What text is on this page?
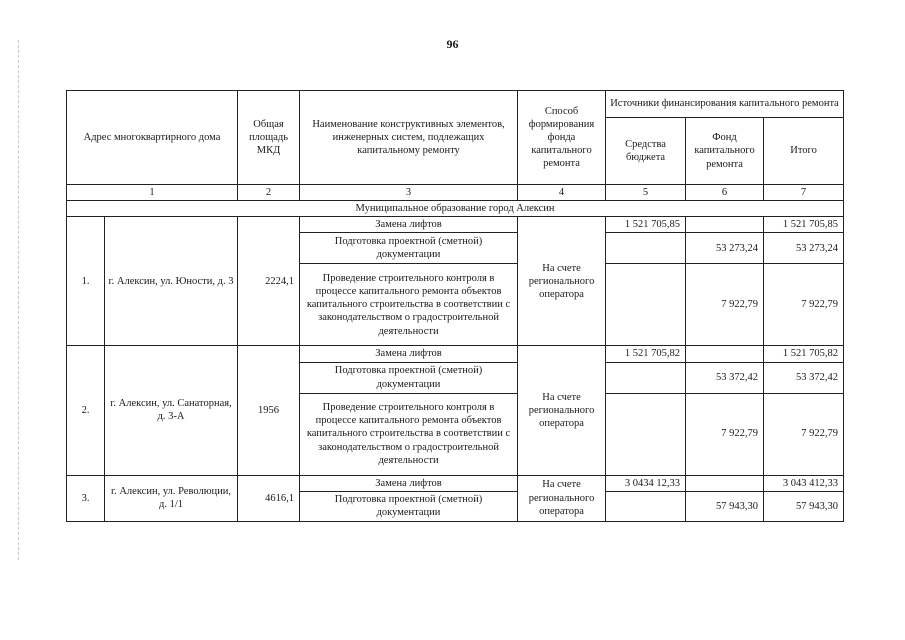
96
Адрес многоквартирного дома		Общая площадь МКД	Наименование конструктивных элементов, инженерных систем, подлежащих капитальному ремонту	Способ формирования фонда капитального ремонта	Источники финансирования капитального ремонта		
					Средства бюджета	Фонд капитального ремонта	Итого
1		2	3	4	5	6	7
Муниципальное образование город Алексин							
1.	г. Алексин, ул. Юности, д. 3	2224,1	Замена лифтов	На счете регионального оператора	1 521 705,85		1 521 705,85
			Подготовка проектной (сметной) документации			53 273,24	53 273,24
			Проведение строительного контроля в процессе капитального ремонта объектов капитального строительства в соответствии с законодательством о градостроительной деятельности			7 922,79	7 922,79
2.	г. Алексин, ул. Санаторная, д. 3-А	1956	Замена лифтов	На счете регионального оператора	1 521 705,82		1 521 705,82
			Подготовка проектной (сметной) документации			53 372,42	53 372,42
			Проведение строительного контроля в процессе капитального ремонта объектов капитального строительства в соответствии с законодательством о градостроительной деятельности			7 922,79	7 922,79
3.	г. Алексин, ул. Революции, д. 1/1	4616,1	Замена лифтов	На счете регионального оператора	3 0434 12,33		3 043 412,33
			Подготовка проектной (сметной) документации			57 943,30	57 943,30
